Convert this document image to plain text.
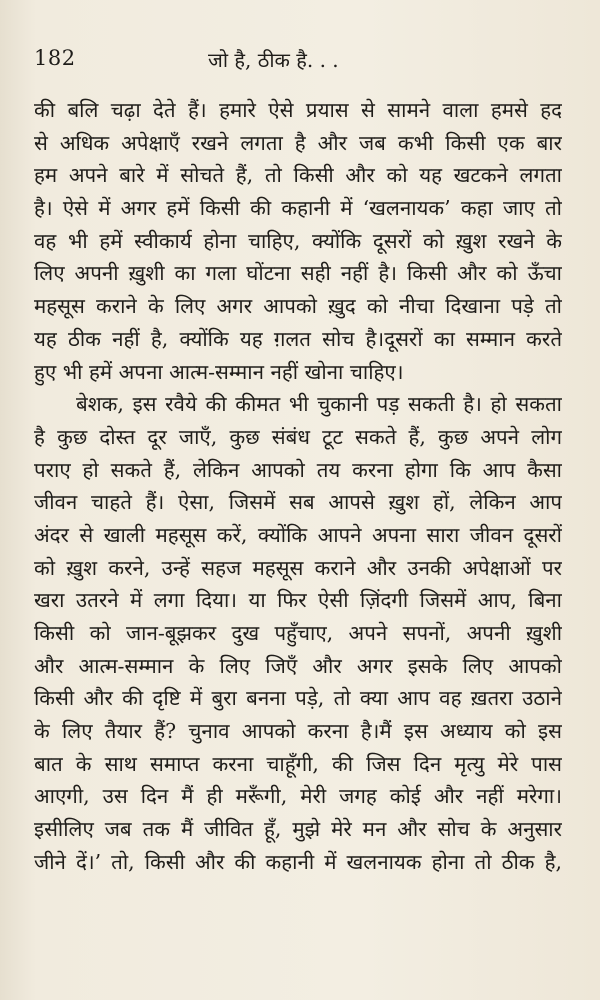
182	जो है, ठीक है. . .
की बलि चढ़ा देते हैं। हमारे ऐसे प्रयास से सामने वाला हमसे हद
से अधिक अपेक्षाएँ रखने लगता है और जब कभी किसी एक बार
हम अपने बारे में सोचते हैं, तो किसी और को यह खटकने लगता
है। ऐसे में अगर हमें किसी की कहानी में ‘खलनायक’ कहा जाए तो
वह भी हमें स्वीकार्य होना चाहिए, क्योंकि दूसरों को ख़ुश रखने के
लिए अपनी ख़ुशी का गला घोंटना सही नहीं है। किसी और को ऊँचा
महसूस कराने के लिए अगर आपको ख़ुद को नीचा दिखाना पड़े तो
यह ठीक नहीं है, क्योंकि यह ग़लत सोच है।दूसरों का सम्मान करते
हुए भी हमें अपना आत्म-सम्मान नहीं खोना चाहिए।
बेशक, इस रवैये की कीमत भी चुकानी पड़ सकती है। हो सकता
है कुछ दोस्त दूर जाएँ, कुछ संबंध टूट सकते हैं, कुछ अपने लोग
पराए हो सकते हैं, लेकिन आपको तय करना होगा कि आप कैसा
जीवन चाहते हैं। ऐसा, जिसमें सब आपसे ख़ुश हों, लेकिन आप
अंदर से खाली महसूस करें, क्योंकि आपने अपना सारा जीवन दूसरों
को ख़ुश करने, उन्हें सहज महसूस कराने और उनकी अपेक्षाओं पर
खरा उतरने में लगा दिया। या फिर ऐसी ज़िंदगी जिसमें आप, बिना
किसी को जान-बूझकर दुख पहुँचाए, अपने सपनों, अपनी ख़ुशी
और आत्म-सम्मान के लिए जिएँ और अगर इसके लिए आपको
किसी और की दृष्टि में बुरा बनना पड़े, तो क्या आप वह ख़तरा उठाने
के लिए तैयार हैं? चुनाव आपको करना है।मैं इस अध्याय को इस
बात के साथ समाप्त करना चाहूँगी, की जिस दिन मृत्यु मेरे पास
आएगी, उस दिन मैं ही मरूँगी, मेरी जगह कोई और नहीं मरेगा।
इसीलिए जब तक मैं जीवित हूँ, मुझे मेरे मन और सोच के अनुसार
जीने दें।’ तो, किसी और की कहानी में खलनायक होना तो ठीक है,
